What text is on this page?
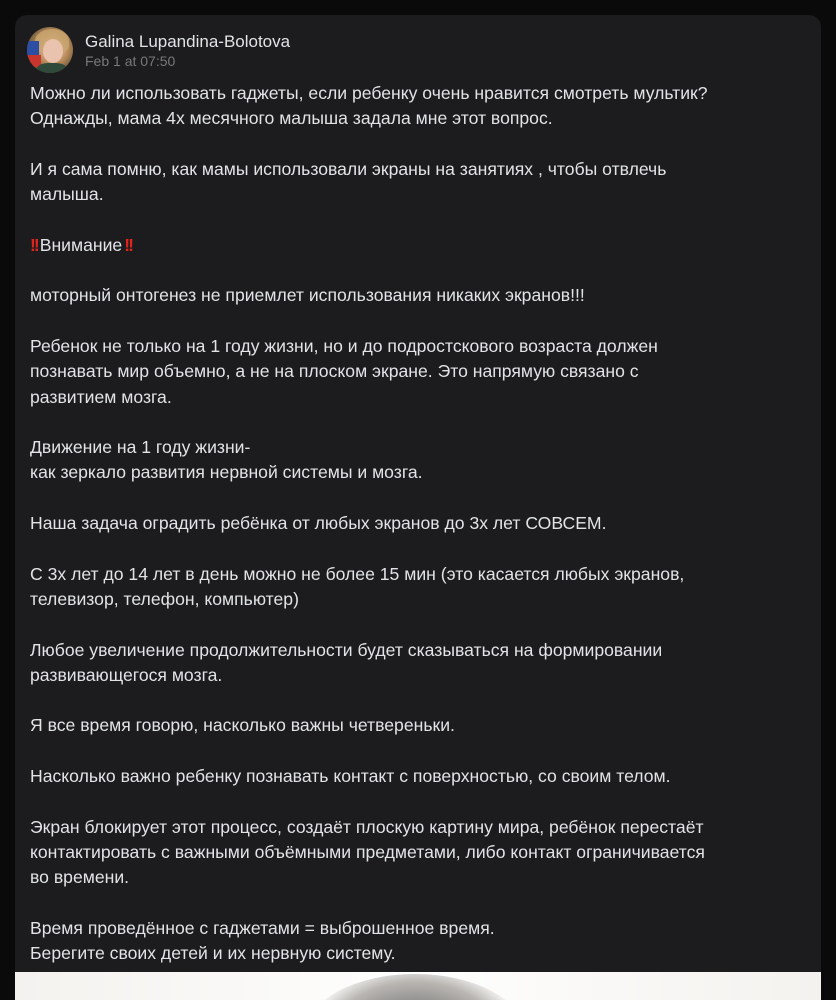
Galina Lupandina-Bolotova
Feb 1 at 07:50
Можно ли использовать гаджеты, если ребенку очень нравится смотреть мультик?
Однажды, мама 4х месячного малыша задала мне этот вопрос.
И я сама помню, как мамы использовали экраны на занятиях , чтобы отвлечь
малыша.
!! Внимание !!
моторный онтогенез не приемлет использования никаких экранов!!!
Ребенок не только на 1 году жизни, но и до подростскового возраста должен
познавать мир объемно, а не на плоском экране. Это напрямую связано с
развитием мозга.
Движение на 1 году жизни-
как зеркало развития нервной системы и мозга.
Наша задача оградить ребёнка от любых экранов до 3х лет СОВСЕМ.
С 3х лет до 14 лет в день можно не более 15 мин (это касается любых экранов,
телевизор, телефон, компьютер)
Любое увеличение продолжительности будет сказываться на формировании
развивающегося мозга.
Я все время говорю, насколько важны четвереньки.
Насколько важно ребенку познавать контакт с поверхностью, со своим телом.
Экран блокирует этот процесс, создаёт плоскую картину мира, ребёнок перестаёт
контактировать с важными объёмными предметами, либо контакт ограничивается
во времени.
Время проведённое с гаджетами = выброшенное время.
Берегите своих детей и их нервную систему.
